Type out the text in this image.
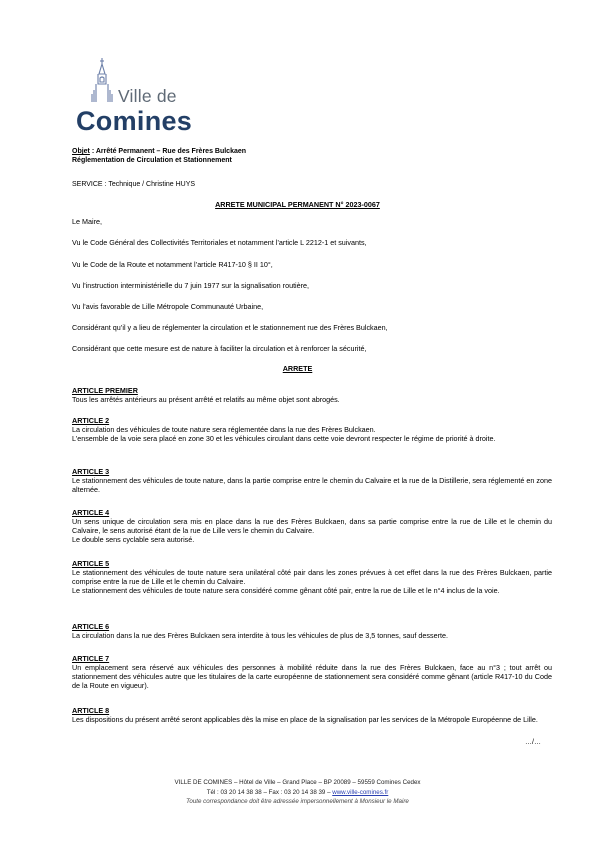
Ville de
Comines
Objet : Arrêté Permanent – Rue des Frères Bulckaen
Réglementation de Circulation et Stationnement
SERVICE : Technique / Christine HUYS
ARRETE MUNICIPAL PERMANENT N° 2023-0067
Le Maire,
Vu le Code Général des Collectivités Territoriales et notamment l’article L 2212-1 et suivants,
Vu le Code de la Route et notamment l’article R417-10 § II 10°,
Vu l’instruction interministérielle du 7 juin 1977 sur la signalisation routière,
Vu l’avis favorable de Lille Métropole Communauté Urbaine,
Considérant qu’il y a lieu de réglementer la circulation et le stationnement rue des Frères Bulckaen,
Considérant que cette mesure est de nature à faciliter la circulation et à renforcer la sécurité,
ARRETE
ARTICLE PREMIER
Tous les arrêtés antérieurs au présent arrêté et relatifs au même objet sont abrogés.
ARTICLE 2
La circulation des véhicules de toute nature sera réglementée dans la rue des Frères Bulckaen.
L’ensemble de la voie sera placé en zone 30 et les véhicules circulant dans cette voie devront respecter le régime de priorité à droite.
ARTICLE 3
Le stationnement des véhicules de toute nature, dans la partie comprise entre le chemin du Calvaire et la rue de la Distillerie, sera réglementé en zone alternée.
ARTICLE 4
Un sens unique de circulation sera mis en place dans la rue des Frères Bulckaen, dans sa partie comprise entre la rue de Lille et le chemin du Calvaire, le sens autorisé étant de la rue de Lille vers le chemin du Calvaire.
Le double sens cyclable sera autorisé.
ARTICLE 5
Le stationnement des véhicules de toute nature sera unilatéral côté pair dans les zones prévues à cet effet dans la rue des Frères Bulckaen, partie comprise entre la rue de Lille et le chemin du Calvaire.
Le stationnement des véhicules de toute nature sera considéré comme gênant côté pair, entre la rue de Lille et le n°4 inclus de la voie.
ARTICLE 6
La circulation dans la rue des Frères Bulckaen sera interdite à tous les véhicules de plus de 3,5 tonnes, sauf desserte.
ARTICLE 7
Un emplacement sera réservé aux véhicules des personnes à mobilité réduite dans la rue des Frères Bulckaen, face au n°3 ; tout arrêt ou stationnement des véhicules autre que les titulaires de la carte européenne de stationnement sera considéré comme gênant (article R417-10 du Code de la Route en vigueur).
ARTICLE 8
Les dispositions du présent arrêté seront applicables dès la mise en place de la signalisation par les services de la Métropole Européenne de Lille.
…/…
VILLE DE COMINES – Hôtel de Ville – Grand Place – BP 20089 – 59559 Comines Cedex
Tél : 03 20 14 38 38 – Fax : 03 20 14 38 39 – www.ville-comines.fr
Toute correspondance doit être adressée impersonnellement à Monsieur le Maire
